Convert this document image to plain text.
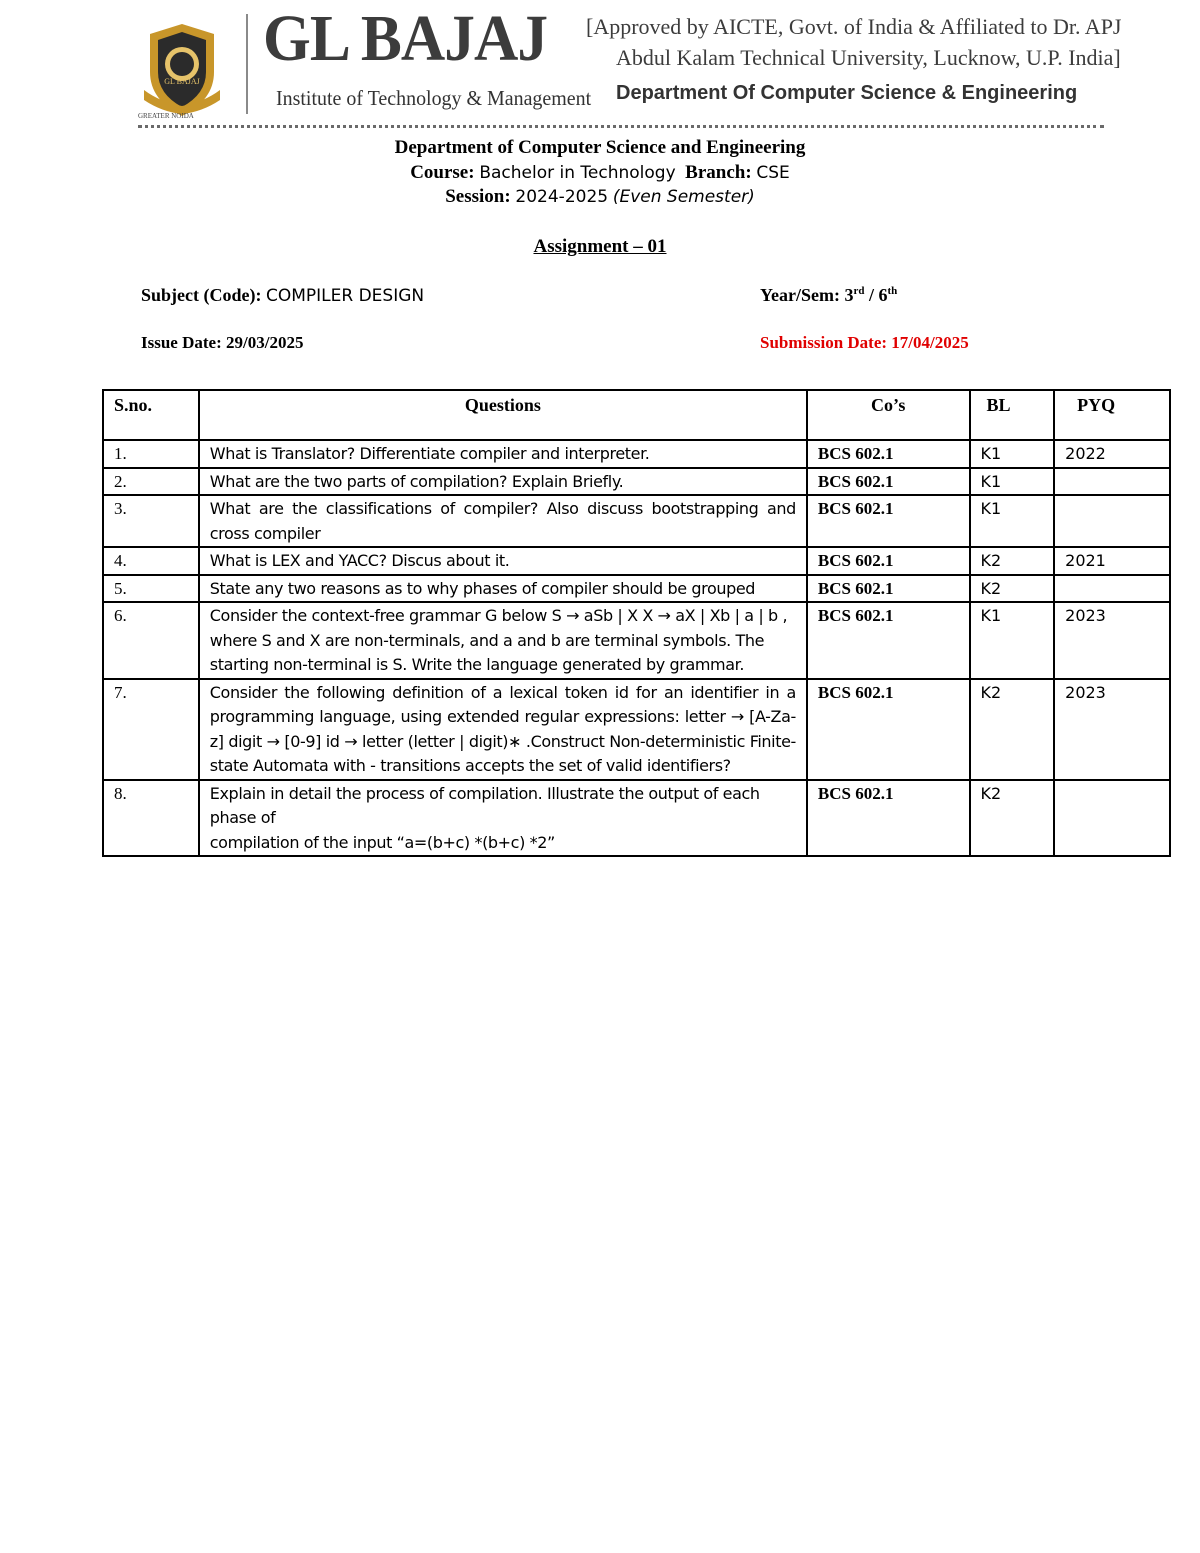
GL BAJAJ
GREATER NOIDA
GL BAJAJ
Institute of Technology & Management
[Approved by AICTE, Govt. of India & Affiliated to Dr. APJ
Abdul Kalam Technical University, Lucknow, U.P. India]
Department Of Computer Science & Engineering
Department of Computer Science and Engineering
Course: Bachelor in Technology Branch: CSE
Session: 2024-2025 (Even Semester)
Assignment – 01
Subject (Code): COMPILER DESIGN	Year/Sem: 3rd / 6th
Issue Date: 29/03/2025	Submission Date: 17/04/2025
S.no.	Questions	Co’s	BL	PYQ
1.	What is Translator? Differentiate compiler and interpreter.	BCS 602.1	K1	2022
2.	What are the two parts of compilation? Explain Briefly.	BCS 602.1	K1	
3.	What are the classifications of compiler? Also discuss bootstrapping and cross compiler	BCS 602.1	K1	
4.	What is LEX and YACC? Discus about it.	BCS 602.1	K2	2021
5.	State any two reasons as to why phases of compiler should be grouped	BCS 602.1	K2	
6.	Consider the context-free grammar G below S → aSb | X X → aX | Xb | a | b , where S and X are non-terminals, and a and b are terminal symbols. The starting non-terminal is S. Write the language generated by grammar.	BCS 602.1	K1	2023
7.	Consider the following definition of a lexical token id for an identifier in a programming language, using extended regular expressions: letter → [A-Za-z] digit → [0-9] id → letter (letter | digit)∗ .Construct Non-deterministic Finite-state Automata with - transitions accepts the set of valid identifiers?	BCS 602.1	K2	2023
8.	Explain in detail the process of compilation. Illustrate the output of each phase of
compilation of the input “a=(b+c) *(b+c) *2”	BCS 602.1	K2	
